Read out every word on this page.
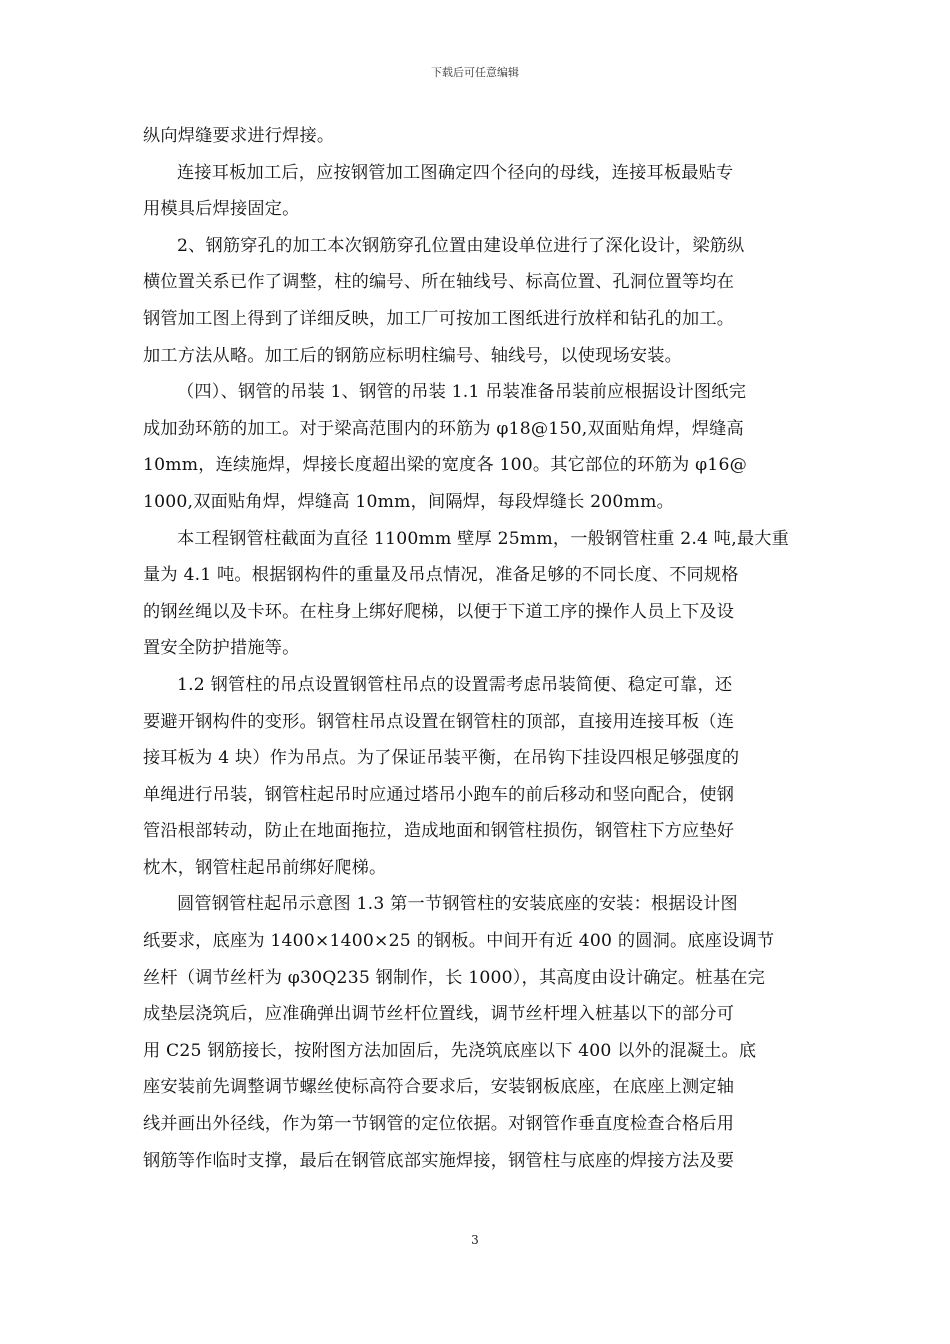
下载后可任意编辑
纵向焊缝要求进行焊接。
连接耳板加工后，应按钢管加工图确定四个径向的母线，连接耳板最贴专
用模具后焊接固定。
2、钢筋穿孔的加工本次钢筋穿孔位置由建设单位进行了深化设计，梁筋纵
横位置关系已作了调整，柱的编号、所在轴线号、标高位置、孔洞位置等均在
钢管加工图上得到了详细反映，加工厂可按加工图纸进行放样和钻孔的加工。
加工方法从略。加工后的钢筋应标明柱编号、轴线号，以使现场安装。
（四）、钢管的吊装 1、钢管的吊装 1.1 吊装准备吊装前应根据设计图纸完
成加劲环筋的加工。对于梁高范围内的环筋为 φ18@150,双面贴角焊，焊缝高
10mm，连续施焊，焊接长度超出梁的宽度各 100。其它部位的环筋为 φ16@
1000,双面贴角焊，焊缝高 10mm，间隔焊，每段焊缝长 200mm。
本工程钢管柱截面为直径 1100mm 壁厚 25mm，一般钢管柱重 2.4 吨,最大重
量为 4.1 吨。根据钢构件的重量及吊点情况，准备足够的不同长度、不同规格
的钢丝绳以及卡环。在柱身上绑好爬梯，以便于下道工序的操作人员上下及设
置安全防护措施等。
1.2 钢管柱的吊点设置钢管柱吊点的设置需考虑吊装简便、稳定可靠，还
要避开钢构件的变形。钢管柱吊点设置在钢管柱的顶部，直接用连接耳板（连
接耳板为 4 块）作为吊点。为了保证吊装平衡，在吊钩下挂设四根足够强度的
单绳进行吊装，钢管柱起吊时应通过塔吊小跑车的前后移动和竖向配合，使钢
管沿根部转动，防止在地面拖拉，造成地面和钢管柱损伤，钢管柱下方应垫好
枕木，钢管柱起吊前绑好爬梯。
圆管钢管柱起吊示意图 1.3 第一节钢管柱的安装底座的安装：根据设计图
纸要求，底座为 1400×1400×25 的钢板。中间开有近 400 的圆洞。底座设调节
丝杆（调节丝杆为 φ30Q235 钢制作，长 1000），其高度由设计确定。桩基在完
成垫层浇筑后，应准确弹出调节丝杆位置线，调节丝杆埋入桩基以下的部分可
用 C25 钢筋接长，按附图方法加固后，先浇筑底座以下 400 以外的混凝土。底
座安装前先调整调节螺丝使标高符合要求后，安装钢板底座，在底座上测定轴
线并画出外径线，作为第一节钢管的定位依据。对钢管作垂直度检查合格后用
钢筋等作临时支撑，最后在钢管底部实施焊接，钢管柱与底座的焊接方法及要
3
